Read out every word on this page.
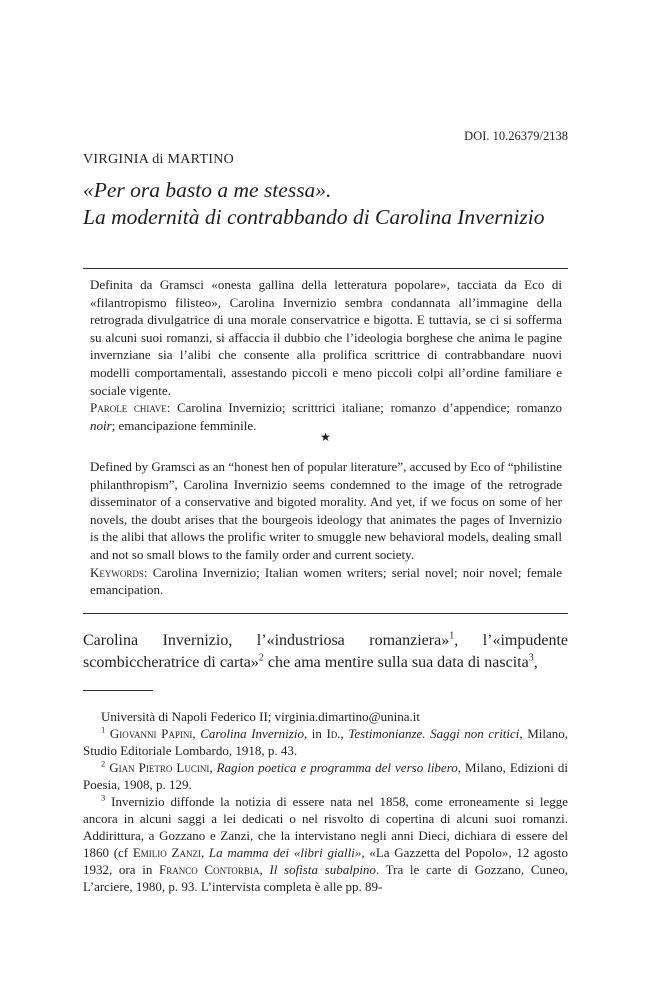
DOI. 10.26379/2138
VIRGINIA di MARTINO
«Per ora basto a me stessa».
La modernità di contrabbando di Carolina Invernizio

Definita da Gramsci «onesta gallina della letteratura popolare», tacciata da Eco di «filantropismo filisteo», Carolina Invernizio sembra condannata all’immagine della retrograda divulgatrice di una morale conservatrice e bigotta. E tuttavia, se ci si sofferma su alcuni suoi romanzi, si affaccia il dubbio che l’ideologia borghese che anima le pagine invernziane sia l’alibi che consente alla prolifica scrittrice di contrabbandare nuovi modelli comportamentali, assestando piccoli e meno piccoli colpi all’ordine familiare e sociale vigente.

Parole chiave: Carolina Invernizio; scrittrici italiane; romanzo d’appendice; romanzo noir; emancipazione femminile.

★

Defined by Gramsci as an “honest hen of popular literature”, accused by Eco of “philistine philanthropism”, Carolina Invernizio seems condemned to the image of the retrograde disseminator of a conservative and bigoted morality. And yet, if we focus on some of her novels, the doubt arises that the bourgeois ideology that animates the pages of Invernizio is the alibi that allows the prolific writer to smuggle new behavioral models, dealing small and not so small blows to the family order and current society.

Keywords: Carolina Invernizio; Italian women writers; serial novel; noir novel; female emancipation.

Carolina Invernizio, l’«industriosa romanziera»$^1$, l’«impudente scombiccheratrice di carta»$^2$ che ama mentire sulla sua data di nascita$^3$,

Università di Napoli Federico II; virginia.dimartino@unina.it

$^1$ Giovanni Papini, Carolina Invernizio, in Id., Testimonianze. Saggi non critici, Milano, Studio Editoriale Lombardo, 1918, p. 43.

$^2$ Gian Pietro Lucini, Ragion poetica e programma del verso libero, Milano, Edizioni di Poesia, 1908, p. 129.

$^3$ Invernizio diffonde la notizia di essere nata nel 1858, come erroneamente si legge ancora in alcuni saggi a lei dedicati o nel risvolto di copertina di alcuni suoi romanzi. Addirittura, a Gozzano e Zanzi, che la intervistano negli anni Dieci, dichiara di essere del 1860 (cf Emilio Zanzi, La mamma dei «libri gialli», «La Gazzetta del Popolo», 12 agosto 1932, ora in Franco Contorbia, Il sofista subalpino. Tra le carte di Gozzano, Cuneo, L’arciere, 1980, p. 93. L’intervista completa è alle pp. 89-
